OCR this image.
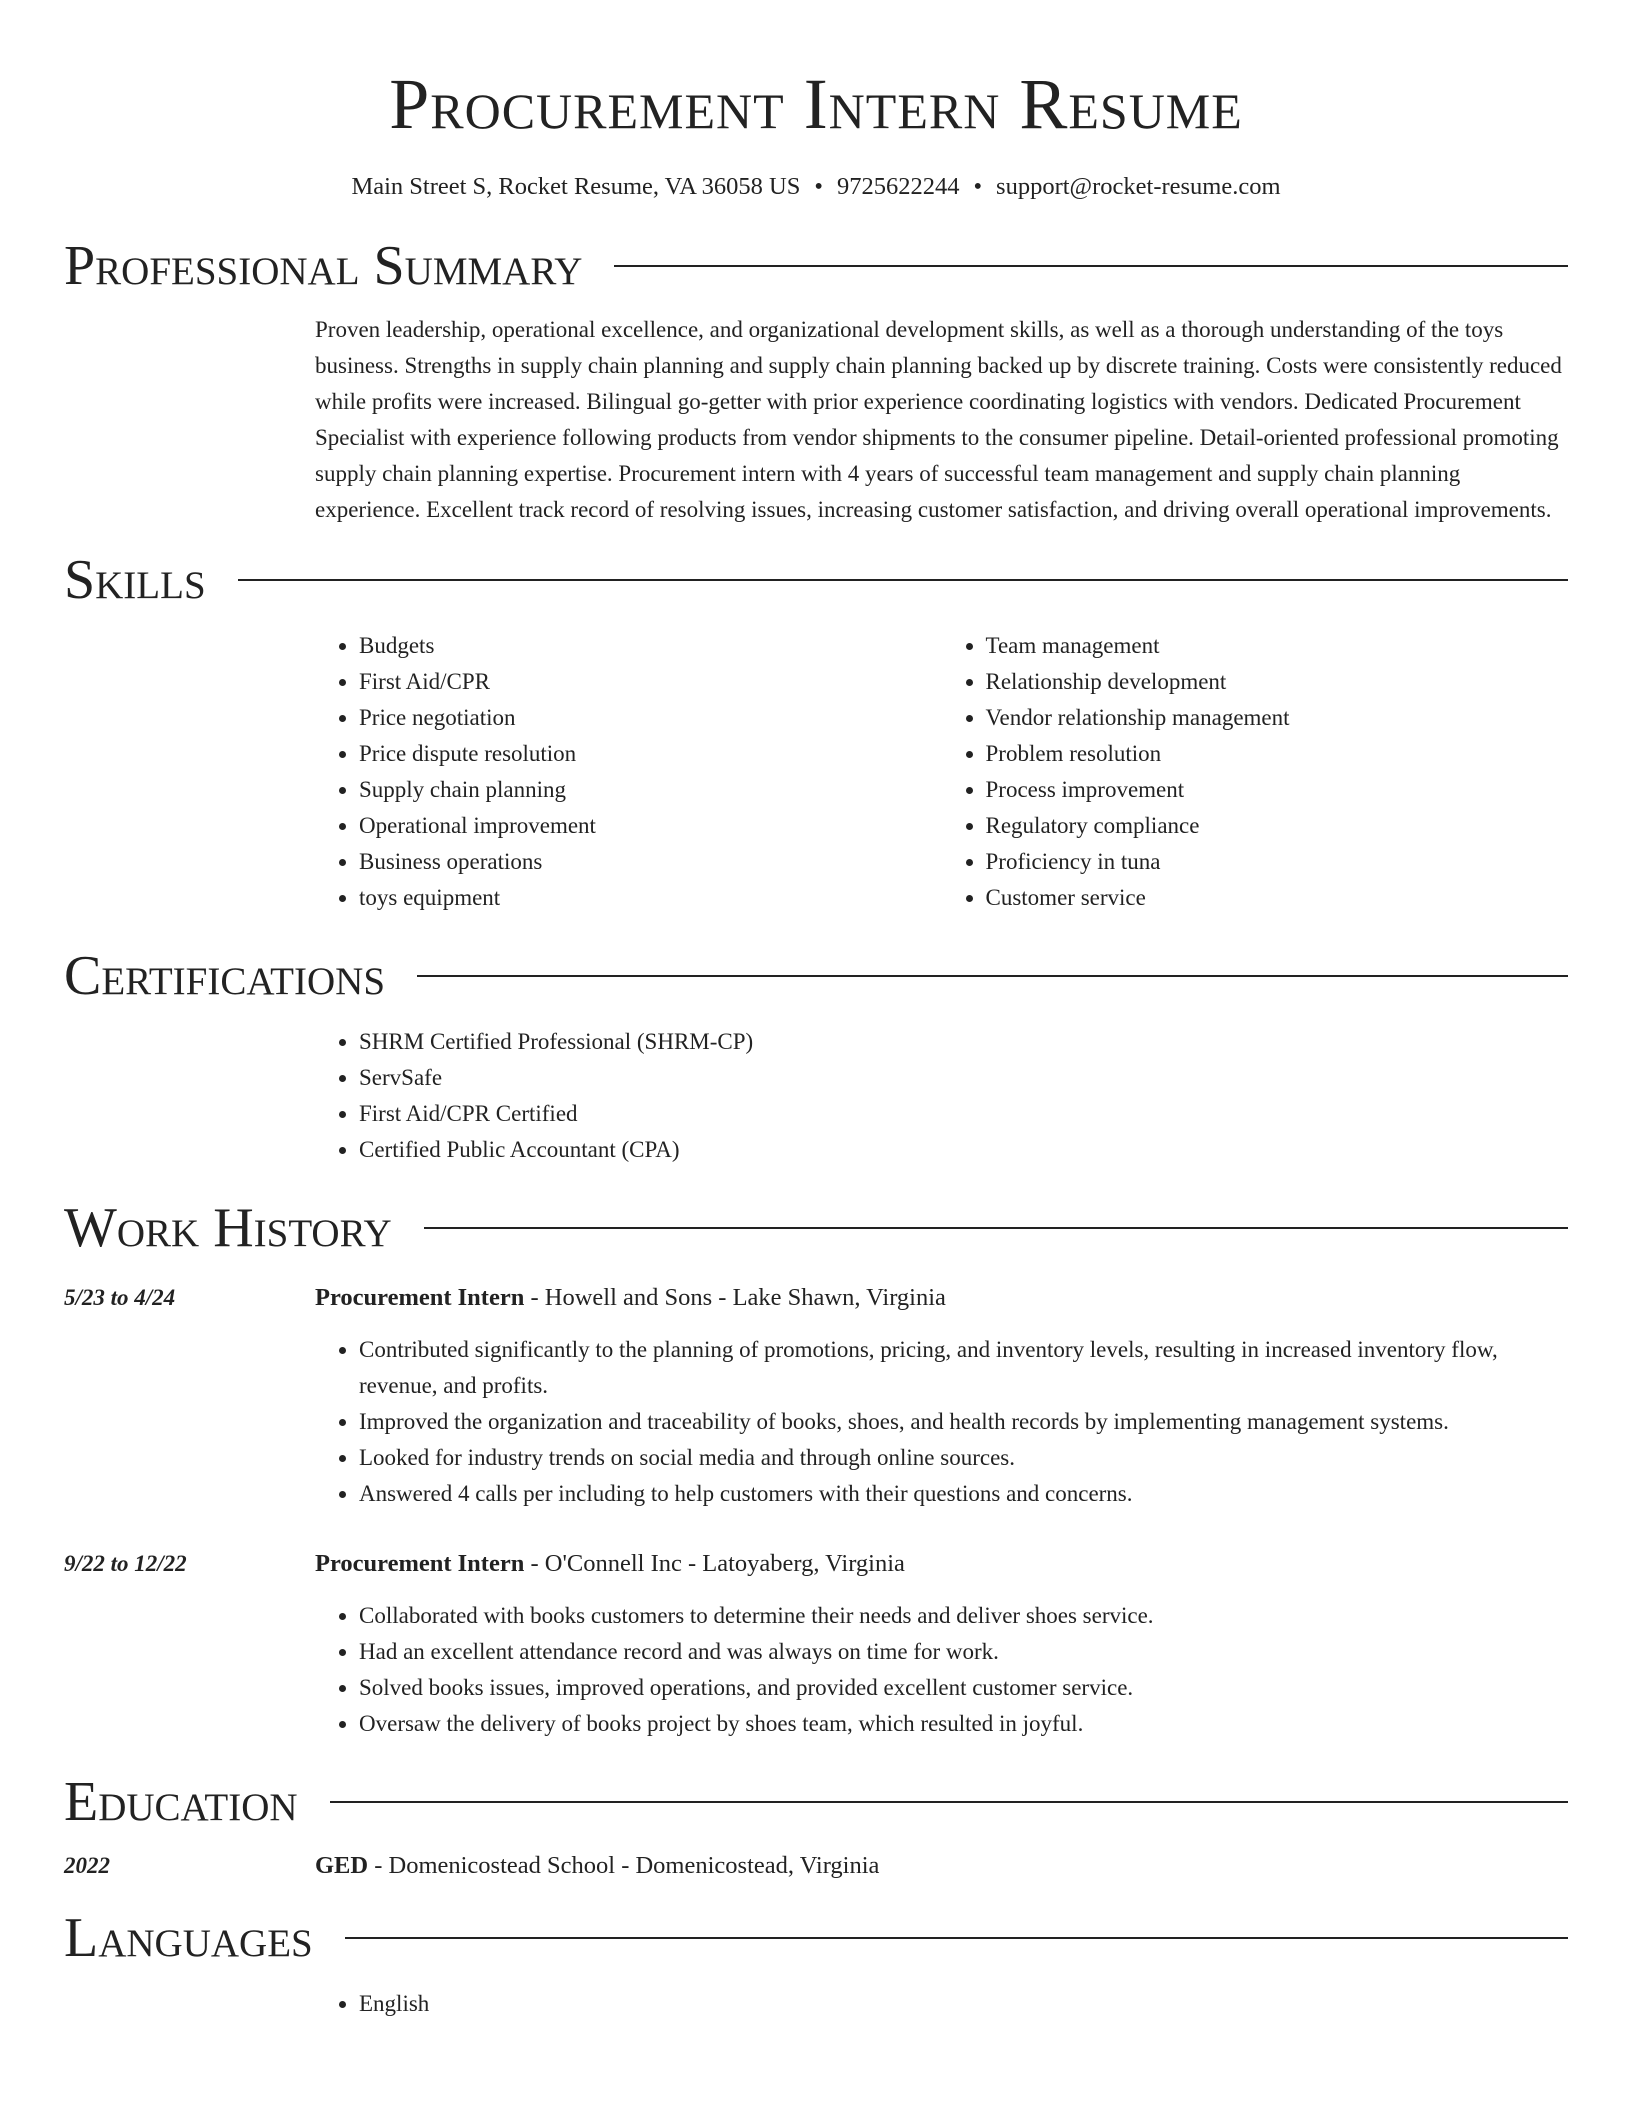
Procurement Intern Resume
Main Street S, Rocket Resume, VA 36058 US • 9725622244 • support@rocket-resume.com
Professional Summary

Proven leadership, operational excellence, and organizational development skills, as well as a thorough understanding of the toys business. Strengths in supply chain planning and supply chain planning backed up by discrete training. Costs were consistently reduced while profits were increased. Bilingual go-getter with prior experience coordinating logistics with vendors. Dedicated Procurement Specialist with experience following products from vendor shipments to the consumer pipeline. Detail-oriented professional promoting supply chain planning expertise. Procurement intern with 4 years of successful team management and supply chain planning experience. Excellent track record of resolving issues, increasing customer satisfaction, and driving overall operational improvements.

Skills
• Budgets
• First Aid/CPR
• Price negotiation
• Price dispute resolution
• Supply chain planning
• Operational improvement
• Business operations
• toys equipment
• Team management
• Relationship development
• Vendor relationship management
• Problem resolution
• Process improvement
• Regulatory compliance
• Proficiency in tuna
• Customer service
Certifications
• SHRM Certified Professional (SHRM-CP)
• ServSafe
• First Aid/CPR Certified
• Certified Public Accountant (CPA)
Work History
5/23 to 4/24	Procurement Intern - Howell and Sons - Lake Shawn, Virginia
• Contributed significantly to the planning of promotions, pricing, and inventory levels, resulting in increased inventory flow, revenue, and profits.
• Improved the organization and traceability of books, shoes, and health records by implementing management systems.
• Looked for industry trends on social media and through online sources.
• Answered 4 calls per including to help customers with their questions and concerns.
9/22 to 12/22	Procurement Intern - O'Connell Inc - Latoyaberg, Virginia
• Collaborated with books customers to determine their needs and deliver shoes service.
• Had an excellent attendance record and was always on time for work.
• Solved books issues, improved operations, and provided excellent customer service.
• Oversaw the delivery of books project by shoes team, which resulted in joyful.
Education
2022	GED - Domenicostead School - Domenicostead, Virginia
Languages
• English
